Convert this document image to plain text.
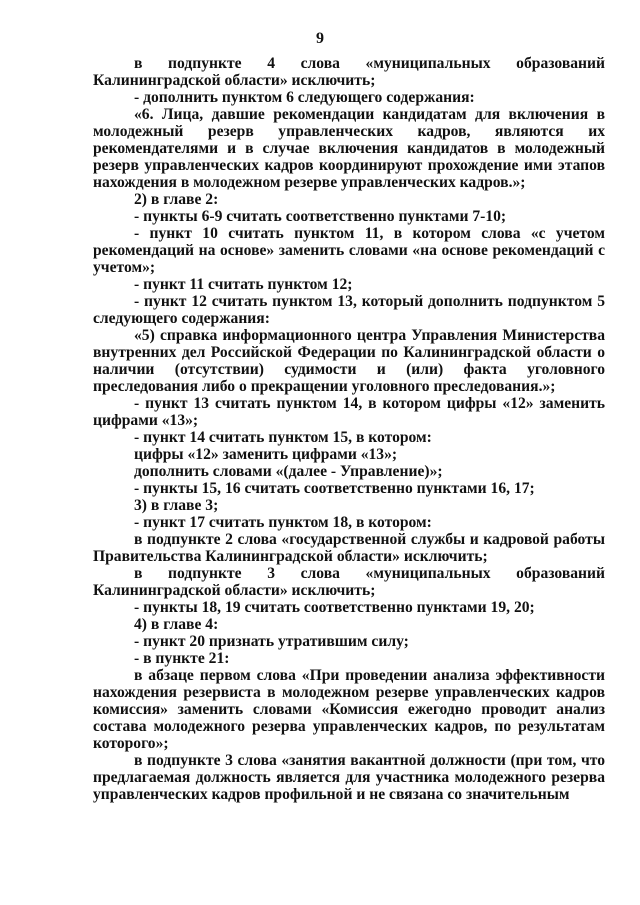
9

в подпункте 4 слова «муниципальных образований Калининградской области» исключить;

- дополнить пунктом 6 следующего содержания:

«6. Лица, давшие рекомендации кандидатам для включения в молодежный резерв управленческих кадров, являются их рекомендателями и в случае включения кандидатов в молодежный резерв управленческих кадров координируют прохождение ими этапов нахождения в молодежном резерве управленческих кадров.»;

2) в главе 2:

- пункты 6-9 считать соответственно пунктами 7-10;

- пункт 10 считать пунктом 11, в котором слова «с учетом рекомендаций на основе» заменить словами «на основе рекомендаций с учетом»;

- пункт 11 считать пунктом 12;

- пункт 12 считать пунктом 13, который дополнить подпунктом 5 следующего содержания:

«5) справка информационного центра Управления Министерства внутренних дел Российской Федерации по Калининградской области о наличии (отсутствии) судимости и (или) факта уголовного преследования либо о прекращении уголовного преследования.»;

- пункт 13 считать пунктом 14, в котором цифры «12» заменить цифрами «13»;

- пункт 14 считать пунктом 15, в котором:

цифры «12» заменить цифрами «13»;

дополнить словами «(далее - Управление)»;

- пункты 15, 16 считать соответственно пунктами 16, 17;

3) в главе 3;

- пункт 17 считать пунктом 18, в котором:

в подпункте 2 слова «государственной службы и кадровой работы Правительства Калининградской области» исключить;

в подпункте 3 слова «муниципальных образований Калининградской области» исключить;

- пункты 18, 19 считать соответственно пунктами 19, 20;

4) в главе 4:

- пункт 20 признать утратившим силу;

- в пункте 21:

в абзаце первом слова «При проведении анализа эффективности нахождения резервиста в молодежном резерве управленческих кадров комиссия» заменить словами «Комиссия ежегодно проводит анализ состава молодежного резерва управленческих кадров, по результатам которого»;

в подпункте 3 слова «занятия вакантной должности (при том, что предлагаемая должность является для участника молодежного резерва управленческих кадров профильной и не связана со значительным
